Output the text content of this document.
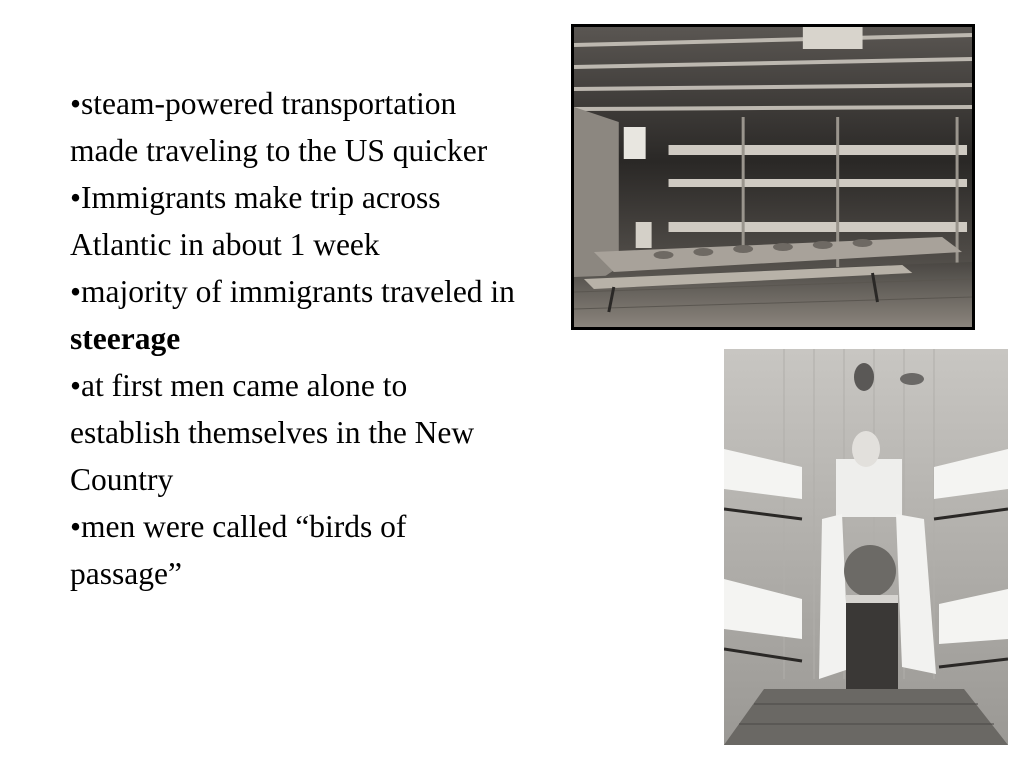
•steam-powered transportation made traveling to the US quicker
•Immigrants make trip across Atlantic in about 1 week
•majority of immigrants traveled in steerage
•at first men came alone to establish themselves in the New Country
•men were called “birds of passage”
